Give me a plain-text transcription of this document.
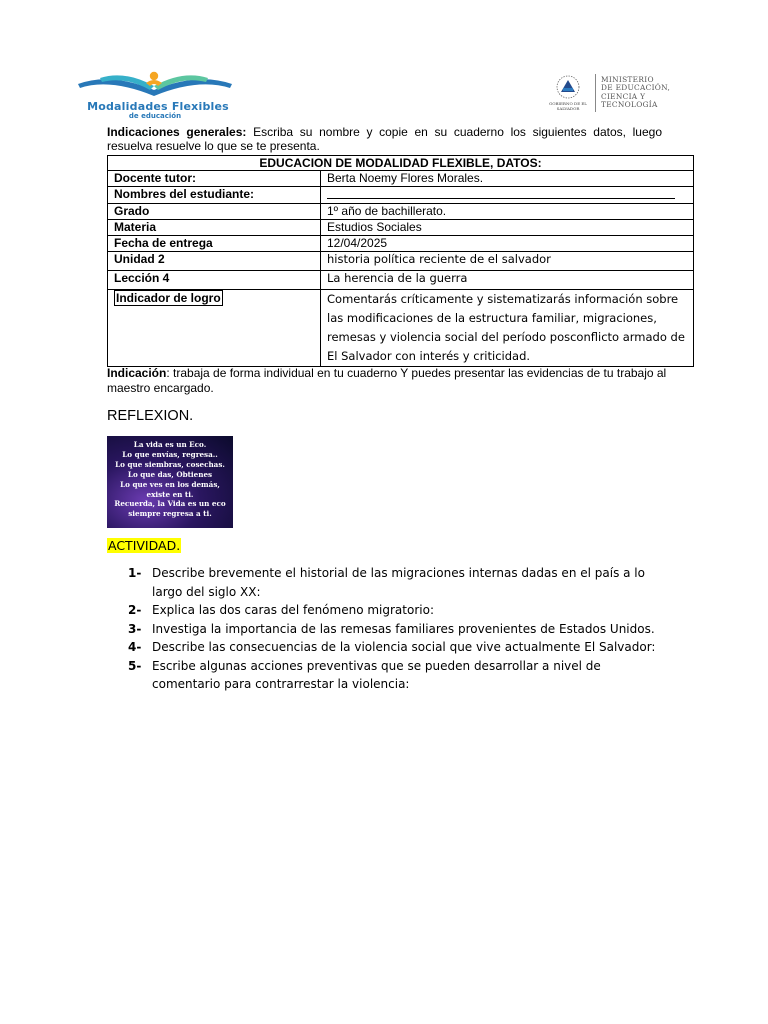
Modalidades Flexibles
de educación
GOBIERNO DE EL SALVADOR
MINISTERIO
DE EDUCACIÓN,
CIENCIA Y
TECNOLOGÍA
Indicaciones generales: Escriba su nombre y copie en su cuaderno los siguientes datos, luego resuelva resuelve lo que se te presenta.
EDUCACION DE MODALIDAD FLEXIBLE, DATOS:	
Docente tutor:	Berta Noemy Flores Morales.
Nombres del estudiante:	
Grado	1º año de bachillerato.
Materia	Estudios Sociales
Fecha de entrega	12/04/2025
Unidad 2	historia política reciente de el salvador
Lección 4	La herencia de la guerra
Indicador de logro	Comentarás críticamente y sistematizarás información sobre las modificaciones de la estructura familiar, migraciones, remesas y violencia social del período posconflicto armado de El Salvador con interés y criticidad.
Indicación: trabaja de forma individual en tu cuaderno Y puedes presentar las evidencias de tu trabajo al maestro encargado.
REFLEXION.
La vida es un Eco.
Lo que envías, regresa..
Lo que siembras, cosechas.
Lo que das, Obtienes
Lo que ves en los demás,
existe en ti.
Recuerda, la Vida es un eco
siempre regresa a ti.
ACTIVIDAD.
1- Describe brevemente el historial de las migraciones internas dadas en el país a lo largo del siglo XX:
2- Explica las dos caras del fenómeno migratorio:
3- Investiga la importancia de las remesas familiares provenientes de Estados Unidos.
4- Describe las consecuencias de la violencia social que vive actualmente El Salvador:
5- Escribe algunas acciones preventivas que se pueden desarrollar a nivel de comentario para contrarrestar la violencia:
